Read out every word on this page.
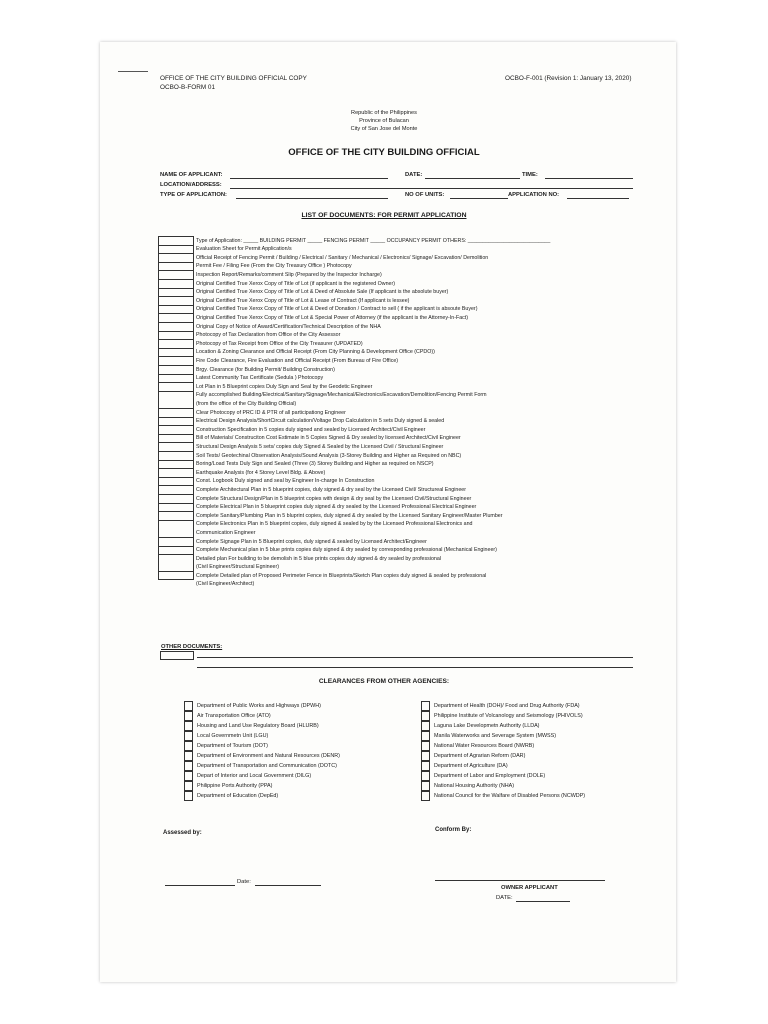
OFFICE OF THE CITY BUILDING OFFICIAL COPY
OCBO-B-FORM 01
OCBO-F-001 (Revision 1: January 13, 2020)
Republic of the Philippines
Province of Bulacan
City of San Jose del Monte
OFFICE OF THE CITY BUILDING OFFICIAL
NAME OF APPLICANT:	DATE:	TIME:
LOCATION/ADDRESS:
TYPE OF APPLICATION:	NO OF UNITS:	APPLICATION NO:
LIST OF DOCUMENTS: FOR PERMIT APPLICATION
Type of Application: _____ BUILDING PERMIT _____ FENCING PERMIT _____ OCCUPANCY PERMIT OTHERS: ____________________________
Evaluation Sheet for Permit Application/s
Official Receipt of Fencing Permit / Building / Electrical / Sanitary / Mechanical / Electronics/ Signage/ Excavation/ Demolition
Permit Fee / Filing Fee (From the City Treasury Office ) Photocopy
Inspection Report/Remarks/comment Slip (Prepared by the Inspector Incharge)
Original Certified True Xerox Copy of Title of Lot (if applicant is the registered Owner)
Original Certified True Xerox Copy of Title of Lot & Deed of Absolute Sale (If applicant is the absolute buyer)
Original Certified True Xerox Copy of Title of Lot & Lease of Contract (If applicant is lessee)
Original Certified True Xerox Copy of Title of Lot & Deed of Donation / Contract to sell ( if the applicant is absoute Buyer)
Original Certified True Xerox Copy of Title of Lot & Special Power of Attorney (if the applicant is the Attorney-In-Fact)
Original Copy of Notice of Award/Certification/Technical Description of the NHA
Photocopy of Tax Declaration from Office of the City Assessor
Photocopy of Tax Receipt from Office of the City Treasurer (UPDATED)
Location & Zoning Clearance and Official Receipt (From City Planning & Development Office (CPDO))
Fire Code Clearance, Fire Evaluation and Official Receipt (From Bureau of Fire Office)
Brgy. Clearance (for Building Permit/ Building Construction)
Latest Community Tax Certificate (Sedula ) Photocopy
Lot Plan in 5 Blueprint copies Duly Sign and Seal by the Geodetic Engineer
Fully accomplished Building/Electrical/Sanitary/Signage/Mechanical/Electronics/Excavation/Demolition/Fencing Permit Form
(from the office of the City Building Official)
Clear Photocopy of PRC ID & PTR of all participationg Engineer
Electrical Design Analysis/ShortCircuit calculation/Voltage Drop Calculation in 5 sets Duly signed & sealed
Construction Specification in 5 copies duly signed and sealed by Licensed Architect/Civil Engineer
Bill of Materials/ Construciton Cost Estimate in 5 Copies Signed & Dry sealed by licensed Architect/Civil Engineer
Structural Design Analysis 5 sets/ copies duly Signed & Sealed by the Licensed Civil / Structural Engineer
Soil Tests/ Geotechinal Observation Analysis/Sound Analysis (3-Storey Building and Higher as Required on NBC)
Boring/Load Tests Duly Sign and Sealed (Three (3) Storey Building and Higher as required on NSCP)
Earthquake Analysis (for 4 Storey Level Bldg. & Above)
Const. Logbook Duly signed and seal by Engineer In-charge In Construction
Complete Architectural Plan in 5 blueprint copies, duly signed & dry seal by the Licensed Civil/ Structureal Engineer
Complete Structural Design/Plan in 5 blueprint copies with design & dry seal by the Licensed Civil/Structural Engineer
Complete Electrical Plan in 5 blueprint copies duly signed & dry sealed by the Licensed Professional Electrical Engineer
Complete Sanitary/Plumbing Plan in 5 bluprint copies, duly signed & dry sealed by the Licensed Sanitary Engineer/Master Plumber
Complete Electronics Plan in 5 blueprint copies, duly signed & sealed by by the Licensed Professional Electronics and
Communication Engineer
Complete Signage Plan in 5 Blueprint copies, duly signed & sealed by Licensed Architect/Engineer
Complete Mechanical plan in 5 blue prints copies duly signed & dry sealed by corresponding professional (Mechanical Engineer)
Detailed plan For building to be demolish in 5 blue prints copies duly signed & dry sealed by professional
(Civil Engineer/Structural Egnineer)
Complete Detailed plan of Proposed Perimeter Fence in Blueprints/Sketch Plan copies duly signed & sealed by professional
(Civil Engineer/Architect)
OTHER DOCUMENTS:
CLEARANCES FROM OTHER AGENCIES:
Department of Public Works and Highways (DPWH)
Air Transportation Office (ATO)
Housing and Land Use Regulatory Board (HLURB)
Local Governmetn Unit (LGU)
Department of Tourism (DOT)
Department of Environment and Natural Resources (DENR)
Department of Transportation and Communication (DOTC)
Depart of Interior and Local Government (DILG)
Philippine Ports Authority (PPA)
Department of Education (DepEd)
Department of Health (DOH)/ Food and Drug Authority (FDA)
Philippine Institute of Volcanology and Seismology (PHIVOLS)
Laguna Lake Developmetn Authority (LLDA)
Manila Waterworks and Severage System (MWSS)
National Water Resources Board (NWRB)
Department of Agrarian Reform (DAR)
Department of Agriculture (DA)
Department of Labor and Employment (DOLE)
National Housing Authority (NHA)
National Council for the Walfare of Disabled Persons (NCWDP)
Assessed by:	Conform By:
Date:
OWNER APPLICANT
DATE:
